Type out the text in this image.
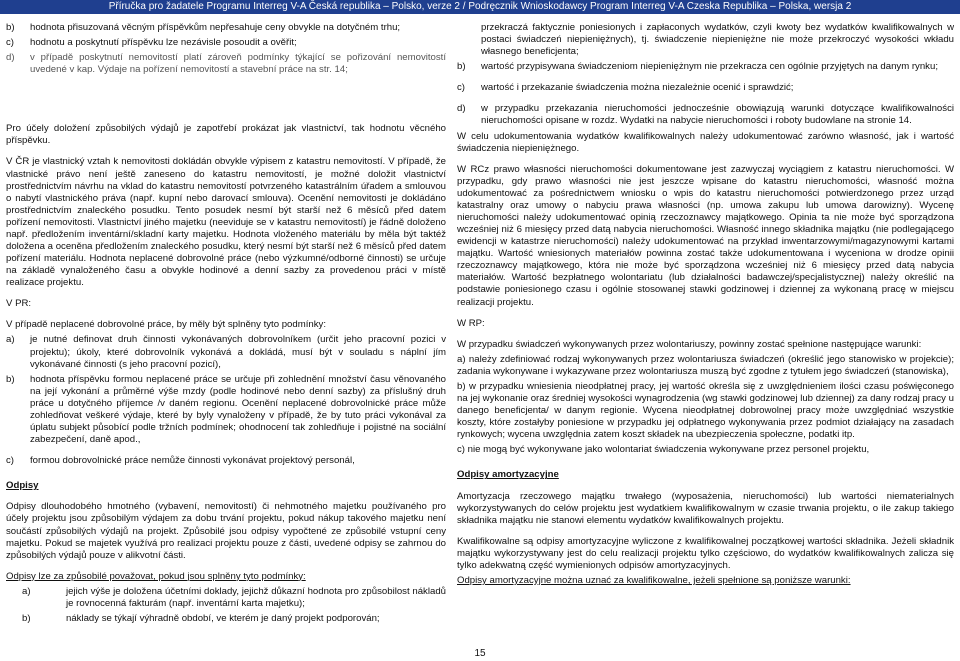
Příručka pro žadatele Programu Interreg V-A Česká republika – Polsko, verze 2 / Podręcznik Wnioskodawcy Program Interreg V-A Czeska Republika – Polska, wersja 2
b)	hodnota přisuzovaná věcným příspěvkům nepřesahuje ceny obvykle na dotyčném trhu;
c)	hodnotu a poskytnutí příspěvku lze nezávisle posoudit a ověřit;
d)	v případě poskytnutí nemovitostí platí zároveň podmínky týkající se pořizování nemovitostí uvedené v kap. Výdaje na pořízení nemovitostí a stavební práce na str. 14;

Pro účely doložení způsobilých výdajů je zapotřebí prokázat jak vlastnictví, tak hodnotu věcného příspěvku.

V ČR je vlastnický vztah k nemovitosti dokládán obvykle výpisem z katastru nemovitostí. V případě, že vlastnické právo není ještě zaneseno do katastru nemovitostí, je možné doložit vlastnictví prostřednictvím návrhu na vklad do katastru nemovitostí potvrzeného katastrálním úřadem a smlouvou o nabytí vlastnického práva (např. kupní nebo darovací smlouva). Ocenění nemovitosti je dokládáno prostřednictvím znaleckého posudku. Tento posudek nesmí být starší než 6 měsíců před datem pořízení nemovitosti. Vlastnictví jiného majetku (neeviduje se v katastru nemovitostí) je řádně doloženo např. předložením inventární/skladní karty majetku. Hodnota vloženého materiálu by měla být taktéž doložena a oceněna předložením znaleckého posudku, který nesmí být starší než 6 měsíců před datem pořízení materiálu. Hodnota neplacené dobrovolné práce (nebo výzkumné/odborné činnosti) se určuje na základě vynaloženého času a obvykle hodinové a denní sazby za provedenou práci v místě realizace projektu.

V PR:

V případě neplacené dobrovolné práce, by měly být splněny tyto podmínky:

a)	je nutné definovat druh činnosti vykonávaných dobrovolníkem (určit jeho pracovní pozici v projektu); úkoly, které dobrovolník vykonává a dokládá, musí být v souladu s náplní jím vykonávané činnosti (s jeho pracovní pozicí),
b)	hodnota příspěvku formou neplacené práce se určuje při zohlednění množství času věnovaného na její vykonání a průměrné výše mzdy (podle hodinové nebo denní sazby) za příslušný druh práce u dotyčného příjemce /v daném regionu. Ocenění neplacené dobrovolnické práce může zohledňovat veškeré výdaje, které by byly vynaloženy v případě, že by tuto práci vykonával za úplatu subjekt působící podle tržních podmínek; ohodnocení tak zohledňuje i pojistné na sociální zabezpečení, daně apod.,
c)	formou dobrovolnické práce nemůže činnosti vykonávat projektový personál,

Odpisy

Odpisy dlouhodobého hmotného (vybavení, nemovitostí) či nehmotného majetku používaného pro účely projektu jsou způsobilým výdajem za dobu trvání projektu, pokud nákup takového majetku není součástí způsobilých výdajů na projekt. Způsobilé jsou odpisy vypočtené ze způsobilé vstupní ceny majetku. Pokud se majetek využívá pro realizaci projektu pouze z části, uvedené odpisy se zahrnou do způsobilých výdajů pouze v alikvotní části.

Odpisy lze za způsobilé považovat, pokud jsou splněny tyto podmínky:

a)	jejich výše je doložena účetními doklady, jejichž důkazní hodnota pro způsobilost nákladů je rovnocenná fakturám (např. inventární karta majetku);
b)	náklady se týkají výhradně období, ve kterém je daný projekt podporován;
przekraczá faktycznie poniesionych i zapłaconych wydatków, czyli kwoty bez wydatków kwalifikowalnych w postaci świadczeń niepieniężnych), tj. świadczenie niepieniężne nie może przekroczyć wysokości wkładu własnego beneficjenta;
b)	wartość przypisywana świadczeniom niepieniężnym nie przekracza cen ogólnie przyjętych na danym rynku;
c)	wartość i przekazanie świadczenia można niezależnie ocenić i sprawdzić;
d)	w przypadku przekazania nieruchomości jednocześnie obowiązują warunki dotyczące kwalifikowalności nieruchomości opisane w rozdz. Wydatki na nabycie nieruchomości i roboty budowlane na stronie 14.

W celu udokumentowania wydatków kwalifikowalnych należy udokumentować zarówno własność, jak i wartość świadczenia niepieniężnego.

W RCz prawo własności nieruchomości dokumentowane jest zazwyczaj wyciągiem z katastru nieruchomości. W przypadku, gdy prawo własności nie jest jeszcze wpisane do katastru nieruchomości, własność można udokumentować za pośrednictwem wniosku o wpis do katastru nieruchomości potwierdzonego przez urząd katastralny oraz umowy o nabyciu prawa własności (np. umowa zakupu lub umowa darowizny). Wycenę nieruchomości należy udokumentować opinią rzeczoznawcy majątkowego. Opinia ta nie może być sporządzona wcześniej niż 6 miesięcy przed datą nabycia nieruchomości. Własność innego składnika majątku (nie podlegającego ewidencji w katastrze nieruchomości) należy udokumentować na przykład inwentarzowymi/magazynowymi kartami majątku. Wartość wniesionych materiałów powinna zostać także udokumentowana i wyceniona w drodze opinii rzeczoznawcy majątkowego, która nie może być sporządzona wcześniej niż 6 miesięcy przed datą nabycia materiałów. Wartość bezpłatnego wolontariatu (lub działalności badawczej/specjalistycznej) należy określić na podstawie poniesionego czasu i ogólnie stosowanej stawki godzinowej i dziennej za wykonaną pracę w miejscu realizacji projektu.

W RP:

W przypadku świadczeń wykonywanych przez wolontariuszy, powinny zostać spełnione następujące warunki:

a) należy zdefiniować rodzaj wykonywanych przez wolontariusza świadczeń (określić jego stanowisko w projekcie); zadania wykonywane i wykazywane przez wolontariusza muszą być zgodne z tytułem jego świadczeń (stanowiska),

b) w przypadku wniesienia nieodpłatnej pracy, jej wartość określa się z uwzględnieniem ilości czasu poświęconego na jej wykonanie oraz średniej wysokości wynagrodzenia (wg stawki godzinowej lub dziennej) za dany rodzaj pracy u danego beneficjenta/ w danym regionie. Wycena nieodpłatnej dobrowolnej pracy może uwzględniać wszystkie koszty, które zostałyby poniesione w przypadku jej odpłatnego wykonywania przez podmiot działający na zasadach rynkowych; wycena uwzględnia zatem koszt składek na ubezpieczenia społeczne, podatki itp.

c) nie mogą być wykonywane jako wolontariat świadczenia wykonywane przez personel projektu,

Odpisy amortyzacyjne

Amortyzacja rzeczowego majątku trwałego (wyposażenia, nieruchomości) lub wartości niematerialnych wykorzystywanych do celów projektu jest wydatkiem kwalifikowalnym w czasie trwania projektu, o ile zakup takiego składnika majątku nie stanowi elementu wydatków kwalifikowalnych projektu.

Kwalifikowalne są odpisy amortyzacyjne wyliczone z kwalifikowalnej początkowej wartości składnika. Jeżeli składnik majątku wykorzystywany jest do celu realizacji projektu tylko częściowo, do wydatków kwalifikowalnych zalicza się tylko adekwatną część wymienionych odpisów amortyzacyjnych.

Odpisy amortyzacyjne można uznać za kwalifikowalne, jeżeli spełnione są poniższe warunki:

15
